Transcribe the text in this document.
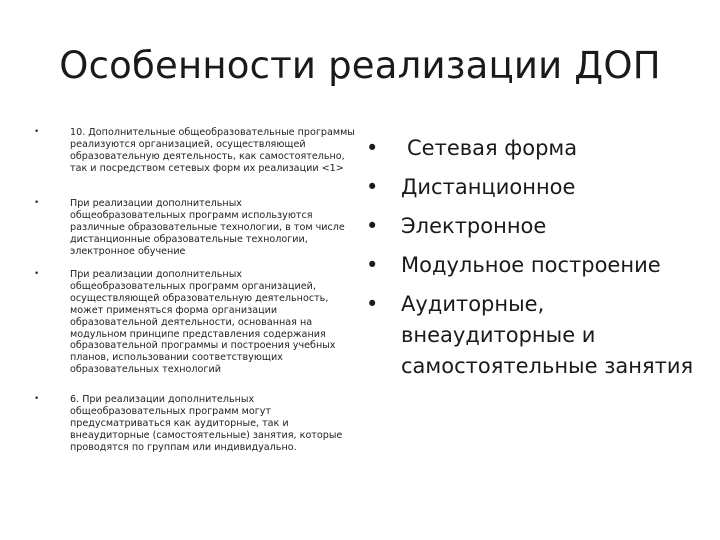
Особенности реализации ДОП
•	10. Дополнительные общеобразовательные программы реализуются организацией, осуществляющей образовательную деятельность, как самостоятельно, так и посредством сетевых форм их реализации <1>
•	При реализации дополнительных общеобразовательных программ используются различные образовательные технологии, в том числе дистанционные образовательные технологии, электронное обучение
•	При реализации дополнительных общеобразовательных программ организацией, осуществляющей образовательную деятельность, может применяться форма организации образовательной деятельности, основанная на модульном принципе представления содержания образовательной программы и построения учебных планов, использовании соответствующих образовательных технологий
•	6. При реализации дополнительных общеобразовательных программ могут предусматриваться как аудиторные, так и внеаудиторные (самостоятельные) занятия, которые проводятся по группам или индивидуально.
• Сетевая форма
• Дистанционное
• Электронное
• Модульное построение
• Аудиторные, внеаудиторные и самостоятельные занятия
